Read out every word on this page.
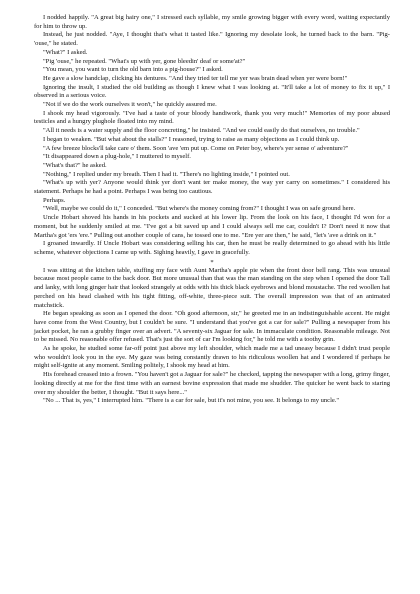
I nodded happily. "A great big hairy one," I stressed each syllable, my smile growing bigger with every word, waiting expectantly for him to throw up.

Instead, he just nodded. "Aye, I thought that's what it tasted like." Ignoring my desolate look, he turned back to the barn. "Pig-'ouse," he stated.

"What?" I asked.

"Pig 'ouse," he repeated. "What's up with yer, gone bleedin' deaf or some'at?"

"You mean, you want to turn the old barn into a pig-house?" I asked.

He gave a slow handclap, clicking his dentures. "And they tried ter tell me yer was brain dead when yer were born!"

Ignoring the insult, I studied the old building as though I knew what I was looking at. "It'll take a lot of money to fix it up," I observed in a serious voice.

"Not if we do the work ourselves it won't," he quickly assured me.

I shook my head vigorously. "I've had a taste of your bloody handiwork, thank you very much!" Memories of my poor abused testicles and a hungry plughole floated into my mind.

"All it needs is a water supply and the floor concreting," he insisted. "And we could easily do that ourselves, no trouble."

I began to weaken. "But what about the stalls?" I reasoned, trying to raise as many objections as I could think up.

"A few breeze blocks'll take care o' them. Soon 'ave 'em put up. Come on Peter boy, where's yer sense o' adventure?"

"It disappeared down a plug-hole," I muttered to myself.

"What's that?" he asked.

"Nothing," I replied under my breath. Then I had it. "There's no lighting inside," I pointed out.

"What's up with yer? Anyone would think yer don't want ter make money, the way yer carry on sometimes." I considered his statement. Perhaps he had a point. Perhaps I was being too cautious.

Perhaps.

"Well, maybe we could do it," I conceded. "But where's the money coming from?" I thought I was on safe ground here.

Uncle Hobart shoved his hands in his pockets and sucked at his lower lip. From the look on his face, I thought I'd won for a moment, but he suddenly smiled at me. "I've got a bit saved up and I could always sell me car, couldn't I? Don't need it now that Martha's got 'ers 'ere." Pulling out another couple of cans, he tossed one to me. "Ere yer are then," he said, "let's 'ave a drink on it."

I groaned inwardly. If Uncle Hobart was considering selling his car, then he must be really determined to go ahead with his little scheme, whatever objections I came up with. Sighing heavily, I gave in gracefully.

*

I was sitting at the kitchen table, stuffing my face with Aunt Martha's apple pie when the front door bell rang. This was unusual because most people came to the back door. But more unusual than that was the man standing on the step when I opened the door Tall and lanky, with long ginger hair that looked strangely at odds with his thick black eyebrows and blond moustache. The red woollen hat perched on his head clashed with his tight fitting, off-white, three-piece suit. The overall impression was that of an animated matchstick.

He began speaking as soon as I opened the door. "Oh good afternoon, sir," he greeted me in an indistinguishable accent. He might have come from the West Country, but I couldn't be sure. "I understand that you've got a car for sale?" Pulling a newspaper from his jacket pocket, he ran a grubby finger over an advert. "A seventy-six Jaguar for sale. In immaculate condition. Reasonable mileage. Not to be missed. No reasonable offer refused. That's just the sort of car I'm looking for," he told me with a toothy grin.

As he spoke, he studied some far-off point just above my left shoulder, which made me a tad uneasy because I didn't trust people who wouldn't look you in the eye. My gaze was being constantly drawn to his ridiculous woollen hat and I wondered if perhaps he might self-ignite at any moment. Smiling politely, I shook my head at him.

His forehead creased into a frown. "You haven't got a Jaguar for sale?" he checked, tapping the newspaper with a long, grimy finger, looking directly at me for the first time with an earnest bovine expression that made me shudder. The quicker he went back to staring over my shoulder the better, I thought. "But it says here..."

"No ... That is, yes," I interrupted him. "There is a car for sale, but it's not mine, you see. It belongs to my uncle."
